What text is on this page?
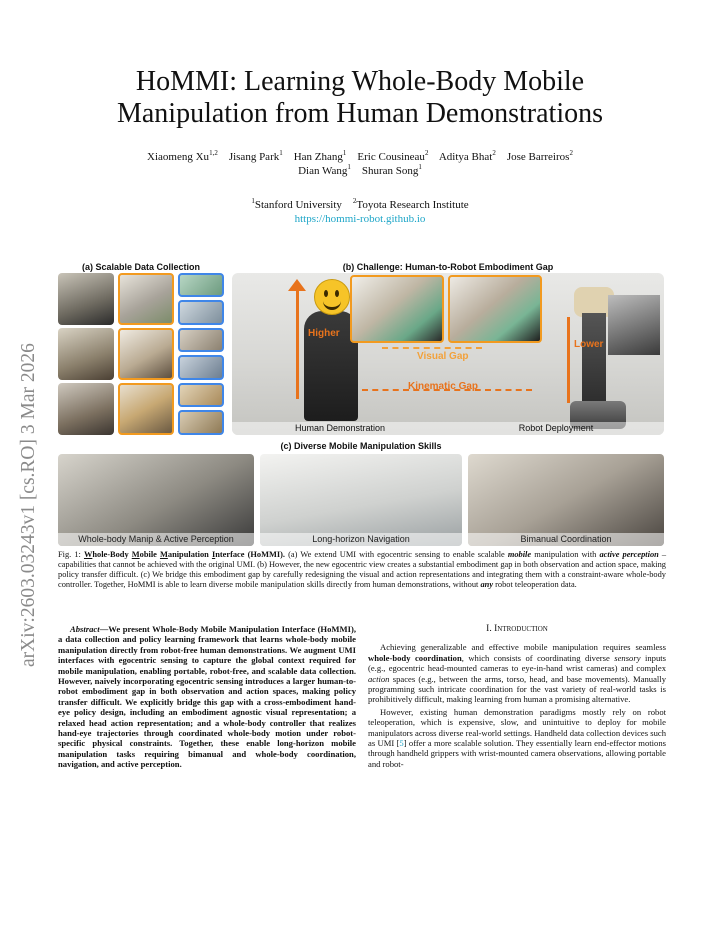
arXiv:2603.03243v1 [cs.RO] 3 Mar 2026
HoMMI: Learning Whole-Body Mobile
Manipulation from Human Demonstrations
Xiaomeng Xu$^{1,2}$ Jisang Park$^1$ Han Zhang$^1$ Eric Cousineau$^2$ Aditya Bhat$^2$ Jose Barreiros$^2$
Dian Wang$^1$ Shuran Song$^1$
$^1$Stanford University $^2$Toyota Research Institute
https://hommi-robot.github.io
(a) Scalable Data Collection	(b) Challenge: Human-to-Robot Embodiment Gap
(c) Diverse Mobile Manipulation Skills
Higher
Visual Gap
Kinematic Gap
Lower
Human Demonstration	Robot Deployment
Whole-body Manip & Active Perception	Long-horizon Navigation	Bimanual Coordination
Fig. 1: Whole-Body Mobile Manipulation Interface (HoMMI). (a) We extend UMI with egocentric sensing to enable scalable mobile manipulation with active perception – capabilities that cannot be achieved with the original UMI. (b) However, the new egocentric view creates a substantial embodiment gap in both observation and action space, making policy transfer difficult. (c) We bridge this embodiment gap by carefully redesigning the visual and action representations and integrating them with a constraint-aware whole-body controller. Together, HoMMI is able to learn diverse mobile manipulation skills directly from human demonstrations, without any robot teleoperation data.

Abstract—We present Whole-Body Mobile Manipulation Interface (HoMMI), a data collection and policy learning framework that learns whole-body mobile manipulation directly from robot-free human demonstrations. We augment UMI interfaces with egocentric sensing to capture the global context required for mobile manipulation, enabling portable, robot-free, and scalable data collection. However, naively incorporating egocentric sensing introduces a larger human-to-robot embodiment gap in both observation and action spaces, making policy transfer difficult. We explicitly bridge this gap with a cross-embodiment hand-eye policy design, including an embodiment agnostic visual representation; a relaxed head action representation; and a whole-body controller that realizes hand-eye trajectories through coordinated whole-body motion under robot-specific physical constraints. Together, these enable long-horizon mobile manipulation tasks requiring bimanual and whole-body coordination, navigation, and active perception.

I. Introduction

Achieving generalizable and effective mobile manipulation requires seamless whole-body coordination, which consists of coordinating diverse sensory inputs (e.g., egocentric head-mounted cameras to eye-in-hand wrist cameras) and complex action spaces (e.g., between the arms, torso, head, and base movements). Manually programming such intricate coordination for the vast variety of real-world tasks is prohibitively difficult, making learning from human a promising alternative.

However, existing human demonstration paradigms mostly rely on robot teleoperation, which is expensive, slow, and unintuitive to deploy for mobile manipulators across diverse real-world settings. Handheld data collection devices such as UMI [5] offer a more scalable solution. They essentially learn end-effector motions through handheld grippers with wrist-mounted camera observations, allowing portable and robot-
